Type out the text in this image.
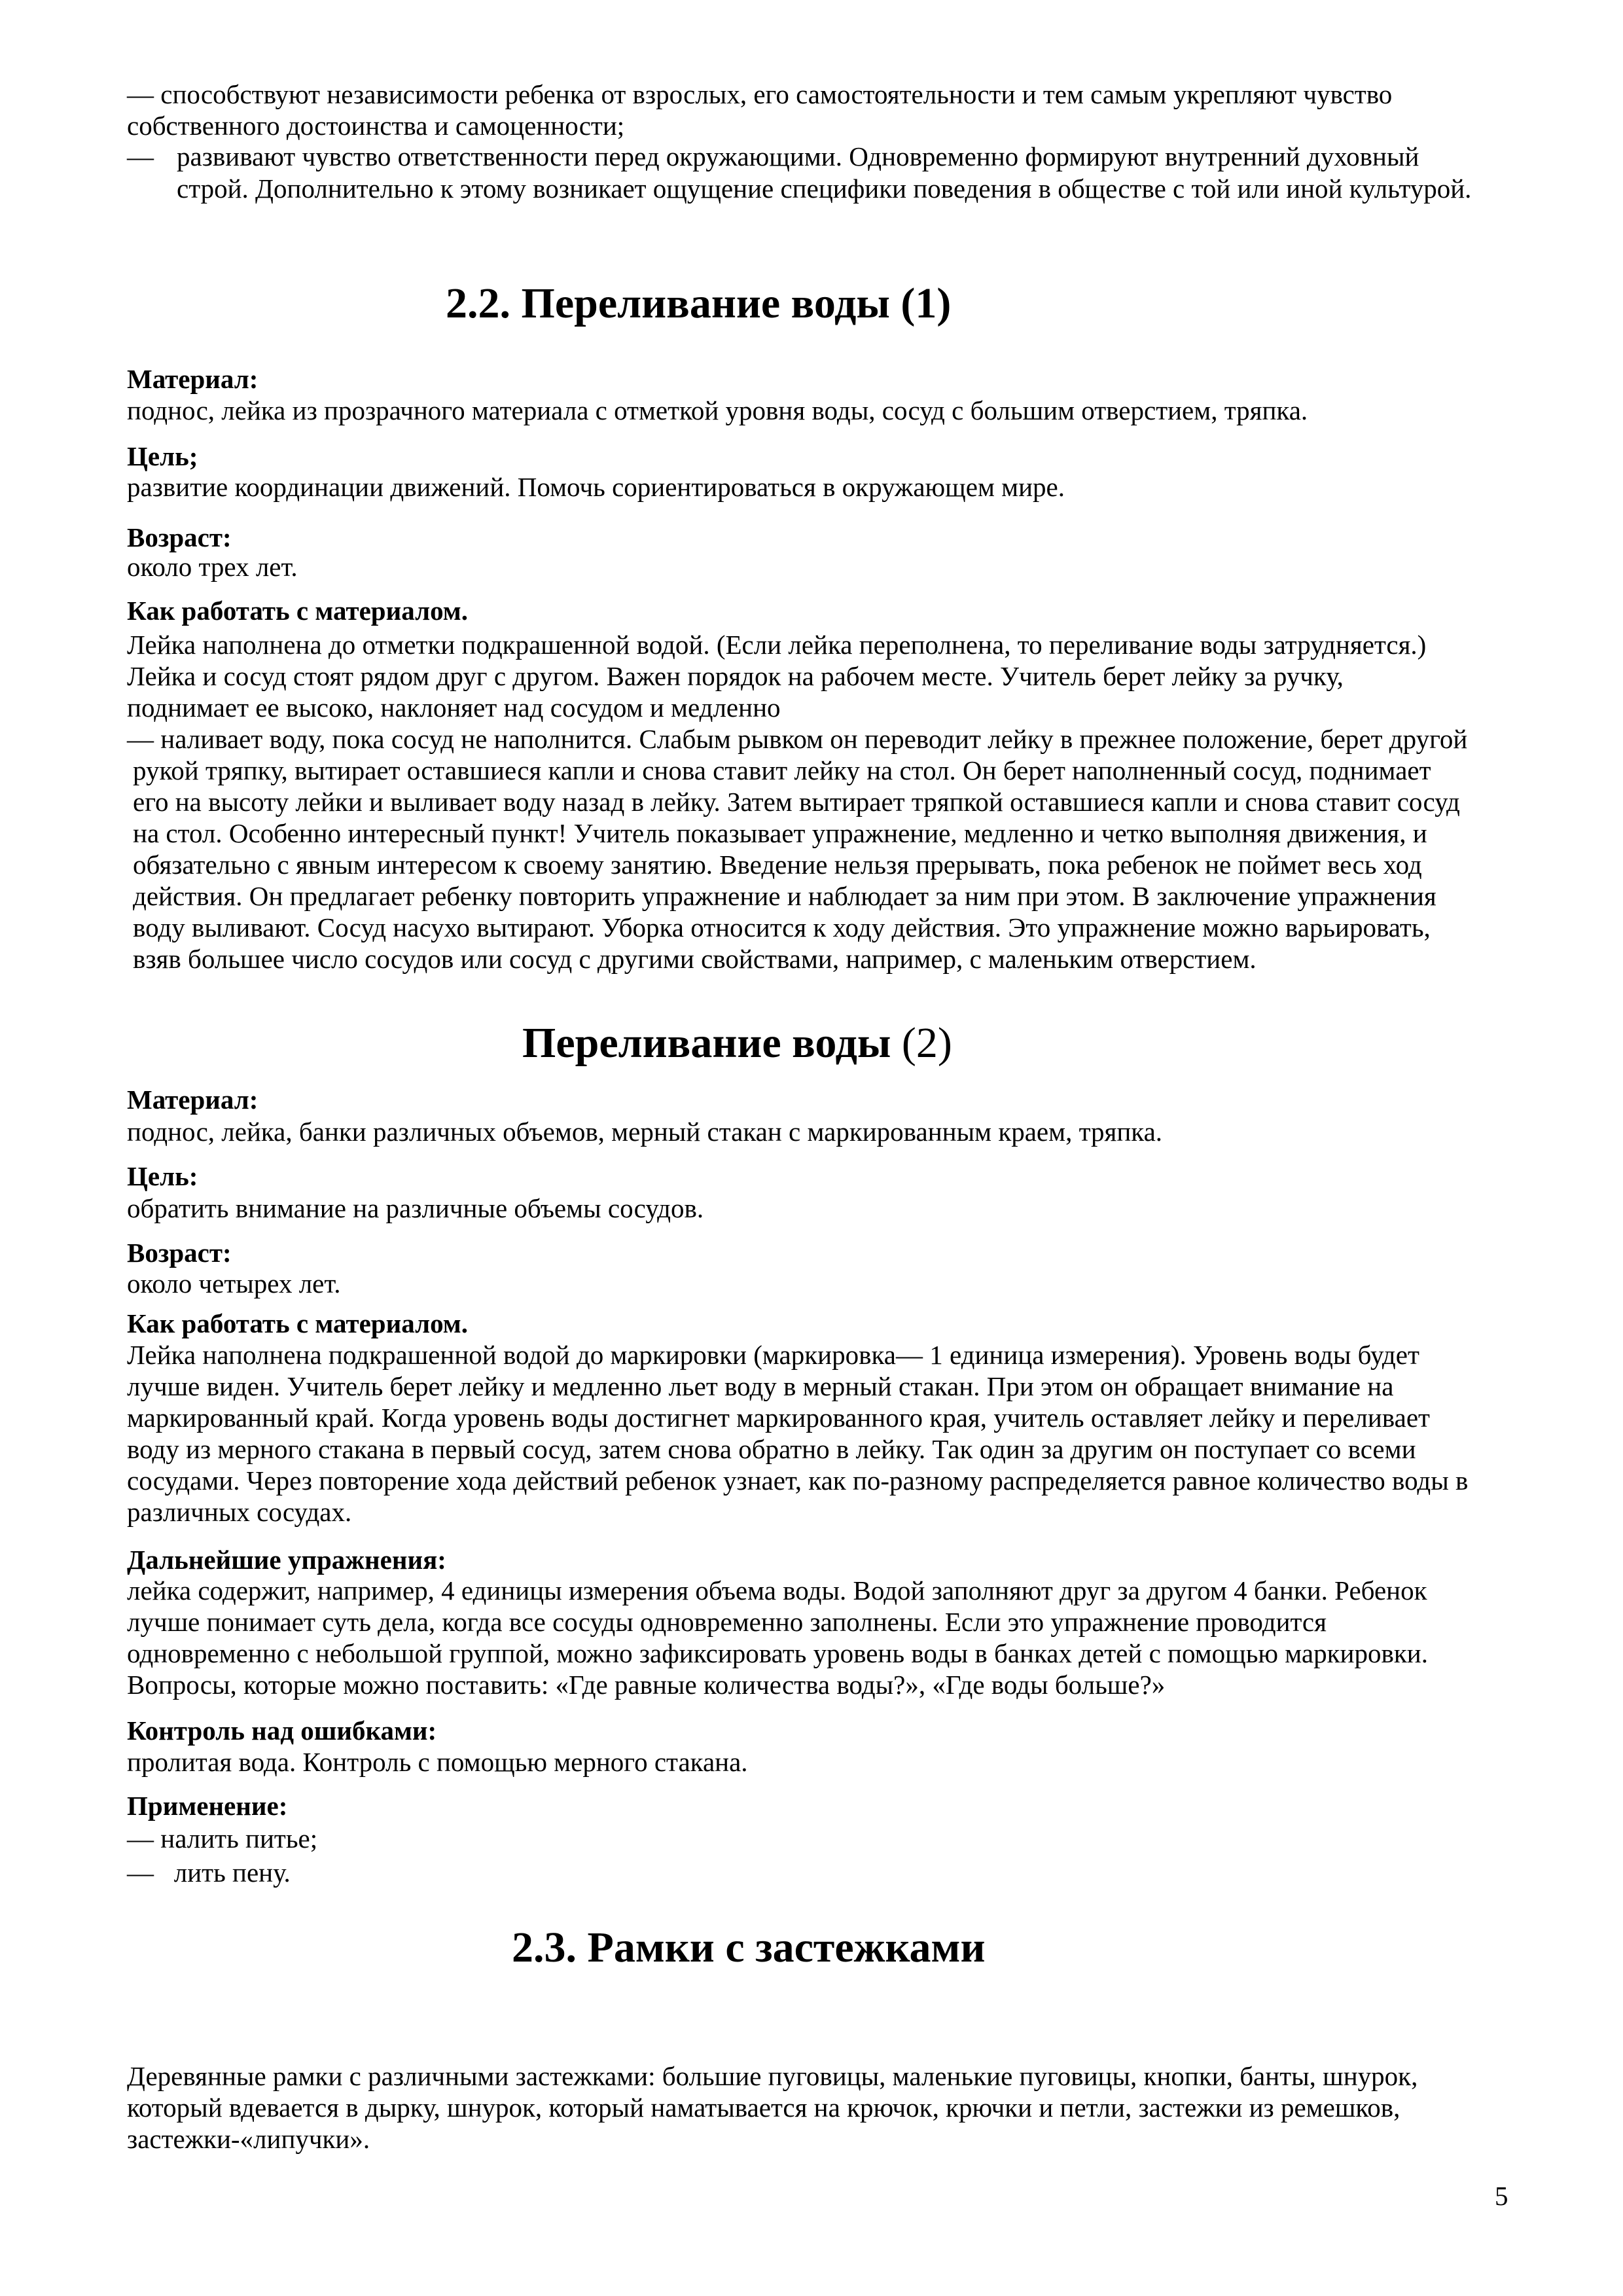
— способствуют независимости ребенка от взрослых, его самостоятельности и тем самым укрепляют чувство
собственного достоинства и самоценности;
— развивают чувство ответственности перед окружающими. Одновременно формируют внутренний духовный
строй. Дополнительно к этому возникает ощущение специфики поведения в обществе с той или иной культурой.
2.2. Переливание воды (1)
Материал:
поднос, лейка из прозрачного материала с отметкой уровня воды, сосуд с большим отверстием, тряпка.
Цель;
развитие координации движений. Помочь сориентироваться в окружающем мире.
Возраст:
около трех лет.
Как работать с материалом.
Лейка наполнена до отметки подкрашенной водой. (Если лейка переполнена, то переливание воды затрудняется.)
Лейка и сосуд стоят рядом друг с другом. Важен порядок на рабочем месте. Учитель берет лейку за ручку,
поднимает ее высоко, наклоняет над сосудом и медленно
— наливает воду, пока сосуд не наполнится. Слабым рывком он переводит лейку в прежнее положение, берет другой
рукой тряпку, вытирает оставшиеся капли и снова ставит лейку на стол. Он берет наполненный сосуд, поднимает
его на высоту лейки и выливает воду назад в лейку. Затем вытирает тряпкой оставшиеся капли и снова ставит сосуд
на стол. Особенно интересный пункт! Учитель показывает упражнение, медленно и четко выполняя движения, и
обязательно с явным интересом к своему занятию. Введение нельзя прерывать, пока ребенок не поймет весь ход
действия. Он предлагает ребенку повторить упражнение и наблюдает за ним при этом. В заключение упражнения
воду выливают. Сосуд насухо вытирают. Уборка относится к ходу действия. Это упражнение можно варьировать,
взяв большее число сосудов или сосуд с другими свойствами, например, с маленьким отверстием.
Переливание воды (2)
Материал:
поднос, лейка, банки различных объемов, мерный стакан с маркированным краем, тряпка.
Цель:
обратить внимание на различные объемы сосудов.
Возраст:
около четырех лет.
Как работать с материалом.
Лейка наполнена подкрашенной водой до маркировки (маркировка— 1 единица измерения). Уровень воды будет
лучше виден. Учитель берет лейку и медленно льет воду в мерный стакан. При этом он обращает внимание на
маркированный край. Когда уровень воды достигнет маркированного края, учитель оставляет лейку и переливает
воду из мерного стакана в первый сосуд, затем снова обратно в лейку. Так один за другим он поступает со всеми
сосудами. Через повторение хода действий ребенок узнает, как по-разному распределяется равное количество воды в
различных сосудах.
Дальнейшие упражнения:
лейка содержит, например, 4 единицы измерения объема воды. Водой заполняют друг за другом 4 банки. Ребенок
лучше понимает суть дела, когда все сосуды одновременно заполнены. Если это упражнение проводится
одновременно с небольшой группой, можно зафиксировать уровень воды в банках детей с помощью маркировки.
Вопросы, которые можно поставить: «Где равные количества воды?», «Где воды больше?»
Контроль над ошибками:
пролитая вода. Контроль с помощью мерного стакана.
Применение:
— налить питье;
—   лить пену.
2.3. Рамки с застежками
Деревянные рамки с различными застежками: большие пуговицы, маленькие пуговицы, кнопки, банты, шнурок,
который вдевается в дырку, шнурок, который наматывается на крючок, крючки и петли, застежки из ремешков,
застежки-«липучки».
5
